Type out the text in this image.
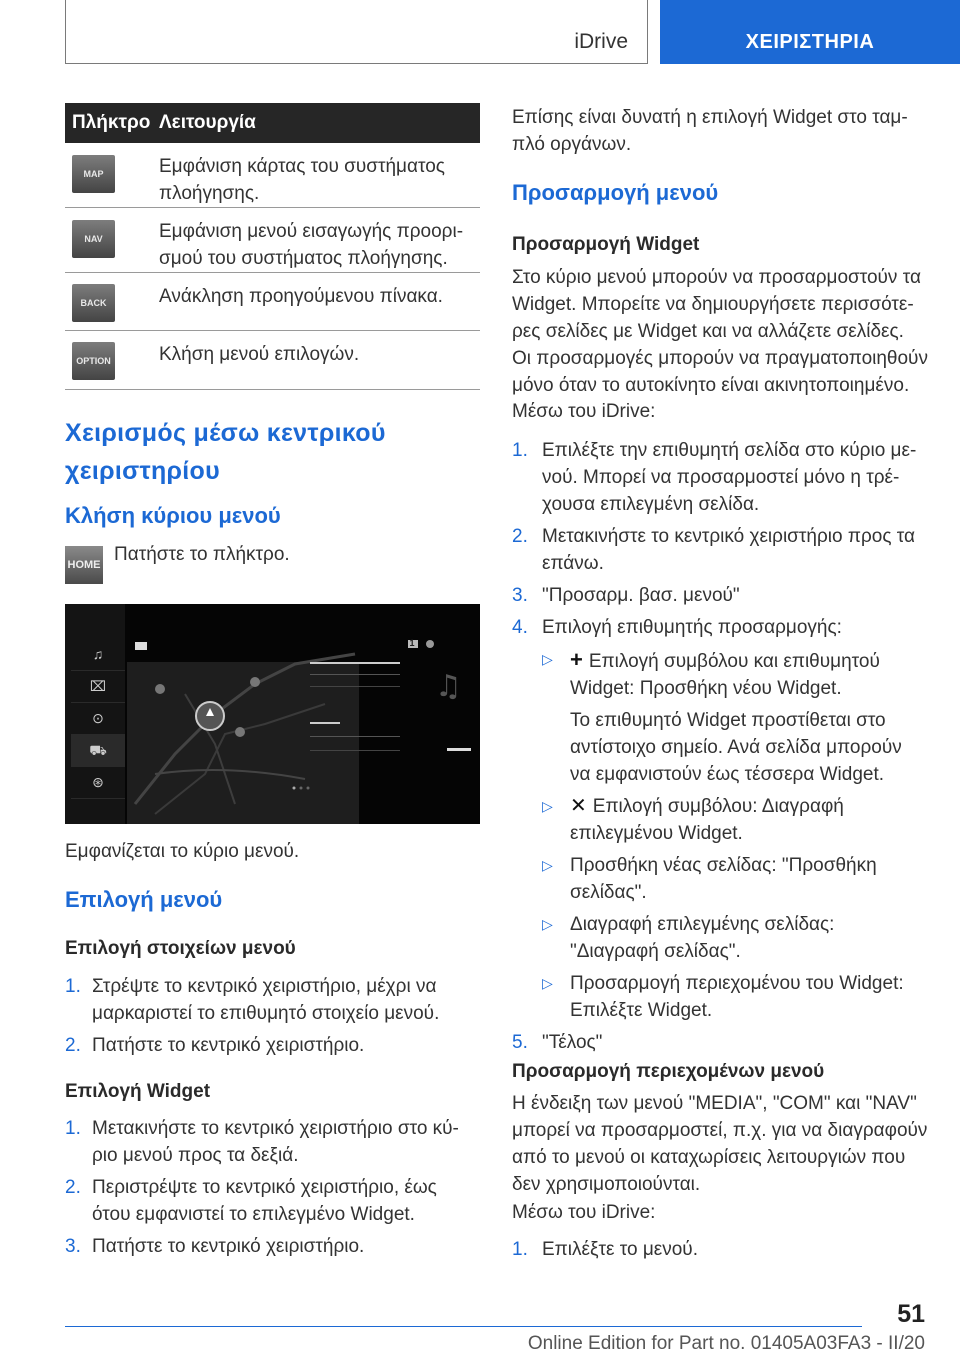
iDrive	ΧΕΙΡΙΣΤΗΡΙΑ
Πλήκτρο Λειτουργία
MAP	Εμφάνιση κάρτας του συστήματος
πλοήγησης.
NAV	Εμφάνιση μενού εισαγωγής προορι-
σμού του συστήματος πλοήγησης.
BACK	Ανάκληση προηγούμενου πίνακα.
OPTION	Κλήση μενού επιλογών.
Χειρισμός μέσω κεντρικού
χειριστηρίου
Κλήση κύριου μενού
HOME Πατήστε το πλήκτρο.
♫
⌧
⊙
⛟
⊛
♫
1
Εμφανίζεται το κύριο μενού.
Επιλογή μενού
Επιλογή στοιχείων μενού
1. Στρέψτε το κεντρικό χειριστήριο, μέχρι να
μαρκαριστεί το επιθυμητό στοιχείο μενού.
2. Πατήστε το κεντρικό χειριστήριο.
Επιλογή Widget
1. Μετακινήστε το κεντρικό χειριστήριο στο κύ-
ριο μενού προς τα δεξιά.
2. Περιστρέψτε το κεντρικό χειριστήριο, έως
ότου εμφανιστεί το επιλεγμένο Widget.
3. Πατήστε το κεντρικό χειριστήριο.
Επίσης είναι δυνατή η επιλογή Widget στο ταμ-
πλό οργάνων.
Προσαρμογή μενού
Προσαρμογή Widget
Στο κύριο μενού μπορούν να προσαρμοστούν τα
Widget. Μπορείτε να δημιουργήσετε περισσότε-
ρες σελίδες με Widget και να αλλάζετε σελίδες.
Οι προσαρμογές μπορούν να πραγματοποιηθούν
μόνο όταν το αυτοκίνητο είναι ακινητοποιημένο.
Μέσω του iDrive:
1. Επιλέξτε την επιθυμητή σελίδα στο κύριο με-
νού. Μπορεί να προσαρμοστεί μόνο η τρέ-
χουσα επιλεγμένη σελίδα.
2. Μετακινήστε το κεντρικό χειριστήριο προς τα
επάνω.
3. "Προσαρμ. βασ. μενού"
4. Επιλογή επιθυμητής προσαρμογής:
▷ + Επιλογή συμβόλου και επιθυμητού
Widget: Προσθήκη νέου Widget.
Το επιθυμητό Widget προστίθεται στο
αντίστοιχο σημείο. Ανά σελίδα μπορούν
να εμφανιστούν έως τέσσερα Widget.
▷ ✕ Επιλογή συμβόλου: Διαγραφή
επιλεγμένου Widget.
▷ Προσθήκη νέας σελίδας: "Προσθήκη
σελίδας".
▷ Διαγραφή επιλεγμένης σελίδας:
"Διαγραφή σελίδας".
▷ Προσαρμογή περιεχομένου του Widget:
Επιλέξτε Widget.
5. "Τέλος"
Προσαρμογή περιεχομένων μενού
Η ένδειξη των μενού "MEDIA", "COM" και "NAV"
μπορεί να προσαρμοστεί, π.χ. για να διαγραφούν
από το μενού οι καταχωρίσεις λειτουργιών που
δεν χρησιμοποιούνται.
Μέσω του iDrive:
1. Επιλέξτε το μενού.
51
Online Edition for Part no. 01405A03FA3 - II/20
